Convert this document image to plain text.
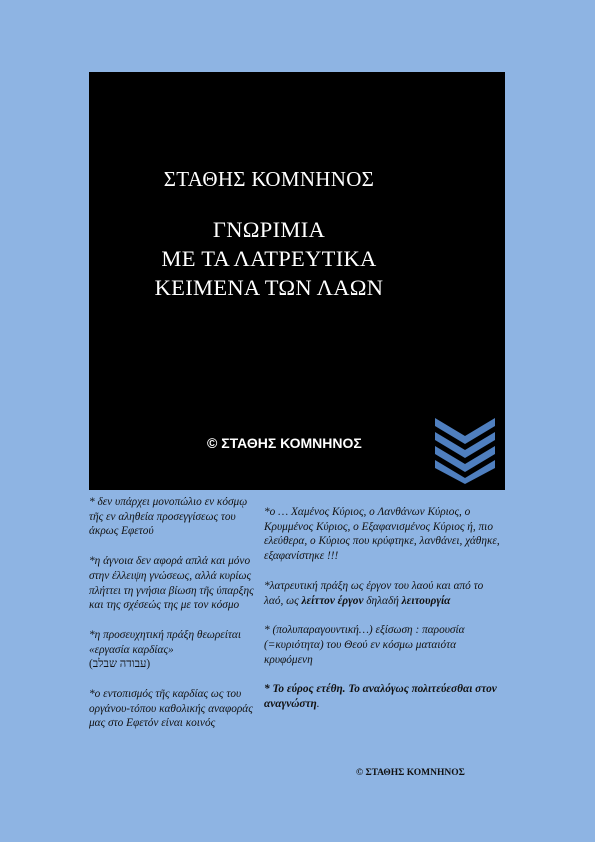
ΣΤΑΘΗΣ ΚΟΜΝΗΝΟΣ
ΓΝΩΡΙΜΙΑ
ΜΕ ΤΑ ΛΑΤΡΕΥΤΙΚΑ
ΚΕΙΜΕΝΑ ΤΩΝ ΛΑΩΝ
© ΣΤΑΘΗΣ ΚΟΜΝΗΝΟΣ

* δεν υπάρχει μονοπώλιο εν κόσμῳ τῆς εν αληθεία προσεγγίσεως του άκρως Εφετού

*η άγνοια δεν αφορά απλά και μόνο στην έλλειψη γνώσεως, αλλά κυρίως πλήττει τη γνήσια βίωση τῆς ύπαρξης και της σχέσεώς της με τον κόσμο

*η προσευχητική πράξη θεωρείται «εργασία καρδίας»
(עבודה שבלב)

*ο εντοπισμός τῆς καρδίας ως του οργάνου-τόπου καθολικής αναφοράς μας στο Εφετόν είναι κοινός

*ο … Χαμένος Κύριος, ο Λανθάνων Κύριος, ο Κρυμμένος Κύριος, ο Εξαφανισμένος Κύριος ή, πιο ελεύθερα, ο Κύριος που κρύφτηκε, λανθάνει, χάθηκε, εξαφανίστηκε !!!

*λατρευτική πράξη ως έργον του λαού και από το λαό, ως λείττον έργον δηλαδή λειτουργία

* (πολυπαραγουντική…) εξίσωση : παρουσία (=κυριότητα) του Θεού εν κόσμω ματαιότα κρυφόμενη

* Το εύρος ετέθη. Το αναλόγως πολιτεύεσθαι στον αναγνώστη.

© ΣΤΑΘΗΣ ΚΟΜΝΗΝΟΣ
